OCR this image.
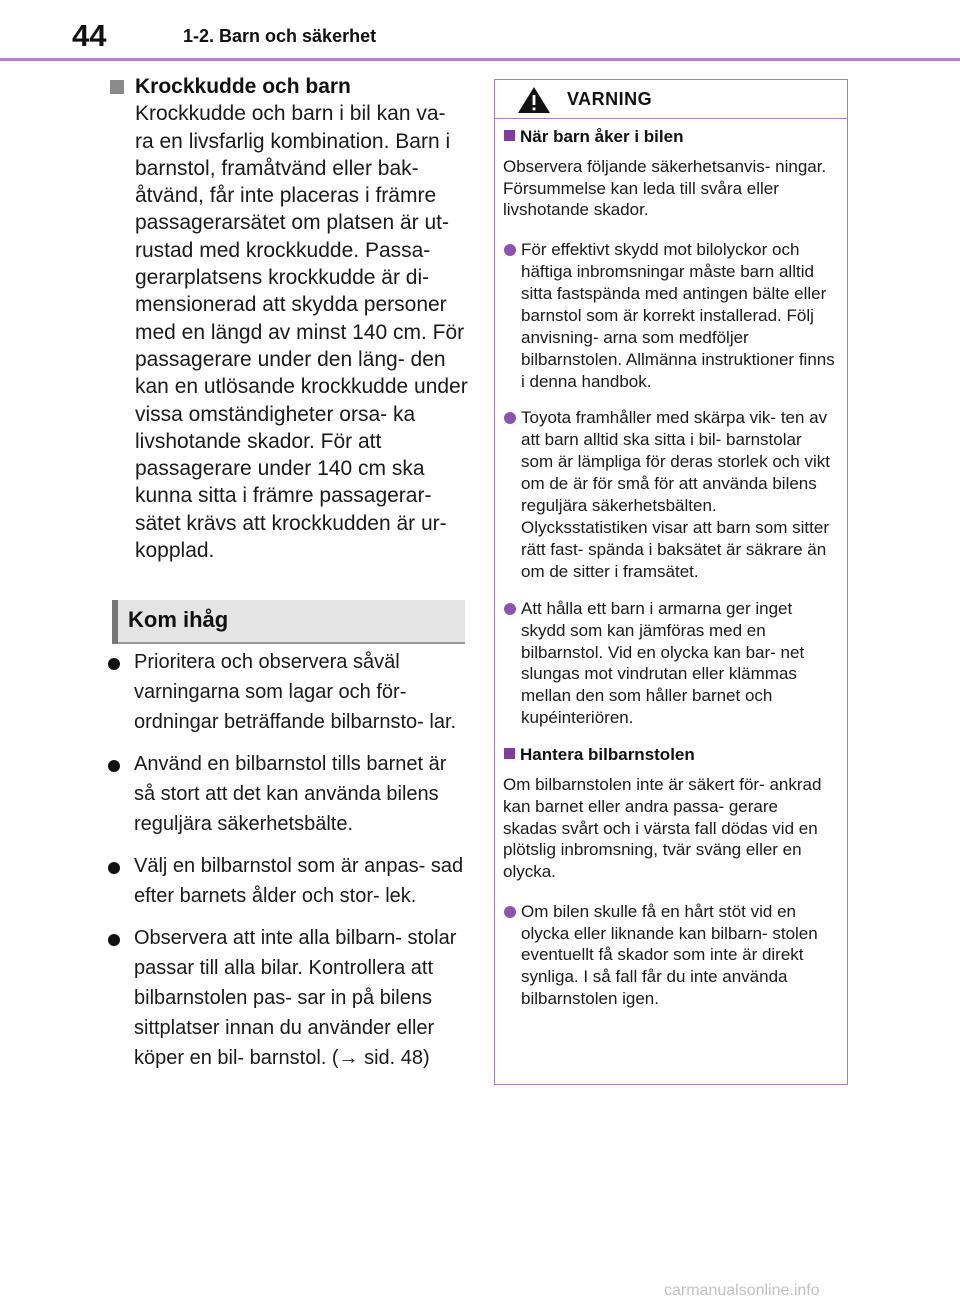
44	1-2. Barn och säkerhet
Krockkudde och barn
Krockkudde och barn i bil kan va- ra en livsfarlig kombination. Barn i barnstol, framåtvänd eller bak- åtvänd, får inte placeras i främre passagerarsätet om platsen är ut- rustad med krockkudde. Passa- gerarplatsens krockkudde är di- mensionerad att skydda personer med en längd av minst 140 cm. För passagerare under den läng- den kan en utlösande krockkudde under vissa omständigheter orsa- ka livshotande skador. För att passagerare under 140 cm ska kunna sitta i främre passagerar- sätet krävs att krockkudden är ur- kopplad.
Kom ihåg
Prioritera och observera såväl varningarna som lagar och för- ordningar beträffande bilbarnsto- lar.
Använd en bilbarnstol tills barnet är så stort att det kan använda bilens reguljära säkerhetsbälte.
Välj en bilbarnstol som är anpas- sad efter barnets ålder och stor- lek.
Observera att inte alla bilbarn- stolar passar till alla bilar. Kontrollera att bilbarnstolen pas- sar in på bilens sittplatser innan du använder eller köper en bil- barnstol. (→ sid. 48)
VARNING
När barn åker i bilen
Observera följande säkerhetsanvis- ningar. Försummelse kan leda till svåra eller livshotande skador.
För effektivt skydd mot bilolyckor och häftiga inbromsningar måste barn alltid sitta fastspända med antingen bälte eller barnstol som är korrekt installerad. Följ anvisning- arna som medföljer bilbarnstolen. Allmänna instruktioner finns i denna handbok.
Toyota framhåller med skärpa vik- ten av att barn alltid ska sitta i bil- barnstolar som är lämpliga för deras storlek och vikt om de är för små för att använda bilens reguljära säkerhetsbälten. Olycksstatistiken visar att barn som sitter rätt fast- spända i baksätet är säkrare än om de sitter i framsätet.
Att hålla ett barn i armarna ger inget skydd som kan jämföras med en bilbarnstol. Vid en olycka kan bar- net slungas mot vindrutan eller klämmas mellan den som håller barnet och kupéinteriören.
Hantera bilbarnstolen
Om bilbarnstolen inte är säkert för- ankrad kan barnet eller andra passa- gerare skadas svårt och i värsta fall dödas vid en plötslig inbromsning, tvär sväng eller en olycka.
Om bilen skulle få en hårt stöt vid en olycka eller liknande kan bilbarn- stolen eventuellt få skador som inte är direkt synliga. I så fall får du inte använda bilbarnstolen igen.
carmanualsonline.info
